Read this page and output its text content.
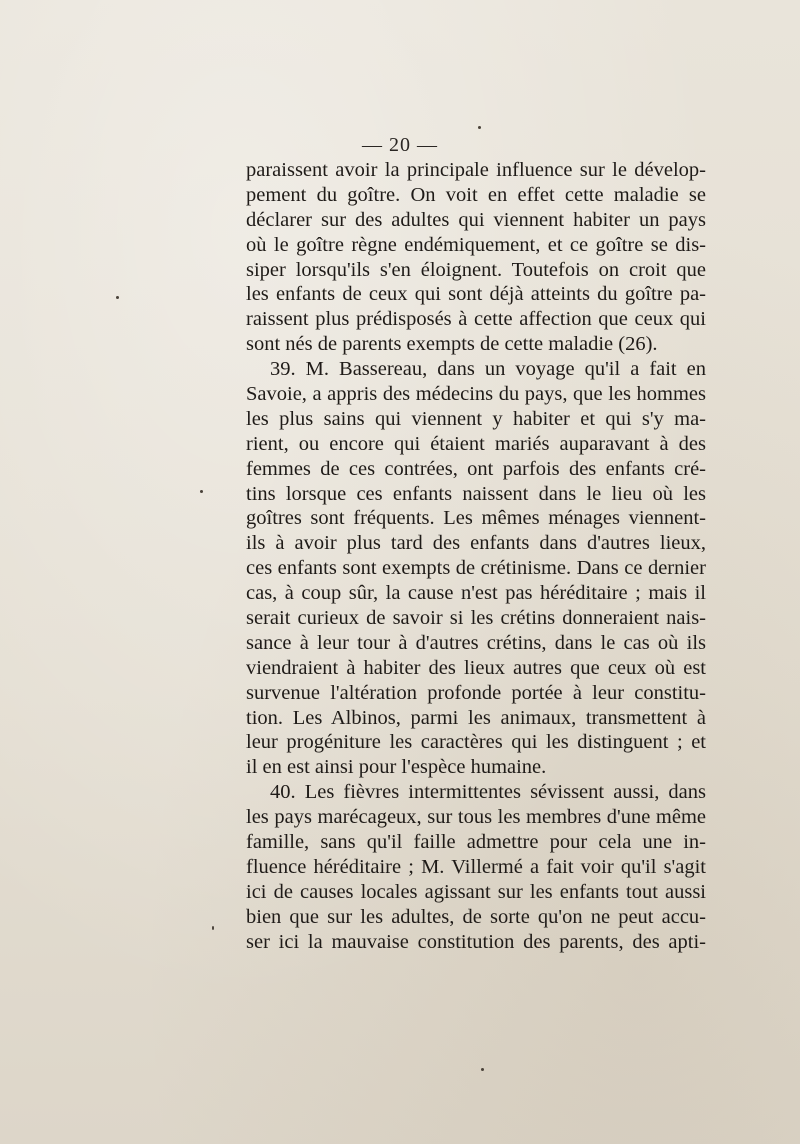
— 20 —
paraissent avoir la principale influence sur le dévelop-
pement du goître. On voit en effet cette maladie se
déclarer sur des adultes qui viennent habiter un pays
où le goître règne endémiquement, et ce goître se dis-
siper lorsqu'ils s'en éloignent. Toutefois on croit que
les enfants de ceux qui sont déjà atteints du goître pa-
raissent plus prédisposés à cette affection que ceux qui
sont nés de parents exempts de cette maladie (26).
39. M. Bassereau, dans un voyage qu'il a fait en
Savoie, a appris des médecins du pays, que les hommes
les plus sains qui viennent y habiter et qui s'y ma-
rient, ou encore qui étaient mariés auparavant à des
femmes de ces contrées, ont parfois des enfants cré-
tins lorsque ces enfants naissent dans le lieu où les
goîtres sont fréquents. Les mêmes ménages viennent-
ils à avoir plus tard des enfants dans d'autres lieux,
ces enfants sont exempts de crétinisme. Dans ce dernier
cas, à coup sûr, la cause n'est pas héréditaire ; mais il
serait curieux de savoir si les crétins donneraient nais-
sance à leur tour à d'autres crétins, dans le cas où ils
viendraient à habiter des lieux autres que ceux où est
survenue l'altération profonde portée à leur constitu-
tion. Les Albinos, parmi les animaux, transmettent à
leur progéniture les caractères qui les distinguent ; et
il en est ainsi pour l'espèce humaine.
40. Les fièvres intermittentes sévissent aussi, dans
les pays marécageux, sur tous les membres d'une même
famille, sans qu'il faille admettre pour cela une in-
fluence héréditaire ; M. Villermé a fait voir qu'il s'agit
ici de causes locales agissant sur les enfants tout aussi
bien que sur les adultes, de sorte qu'on ne peut accu-
ser ici la mauvaise constitution des parents, des apti-
